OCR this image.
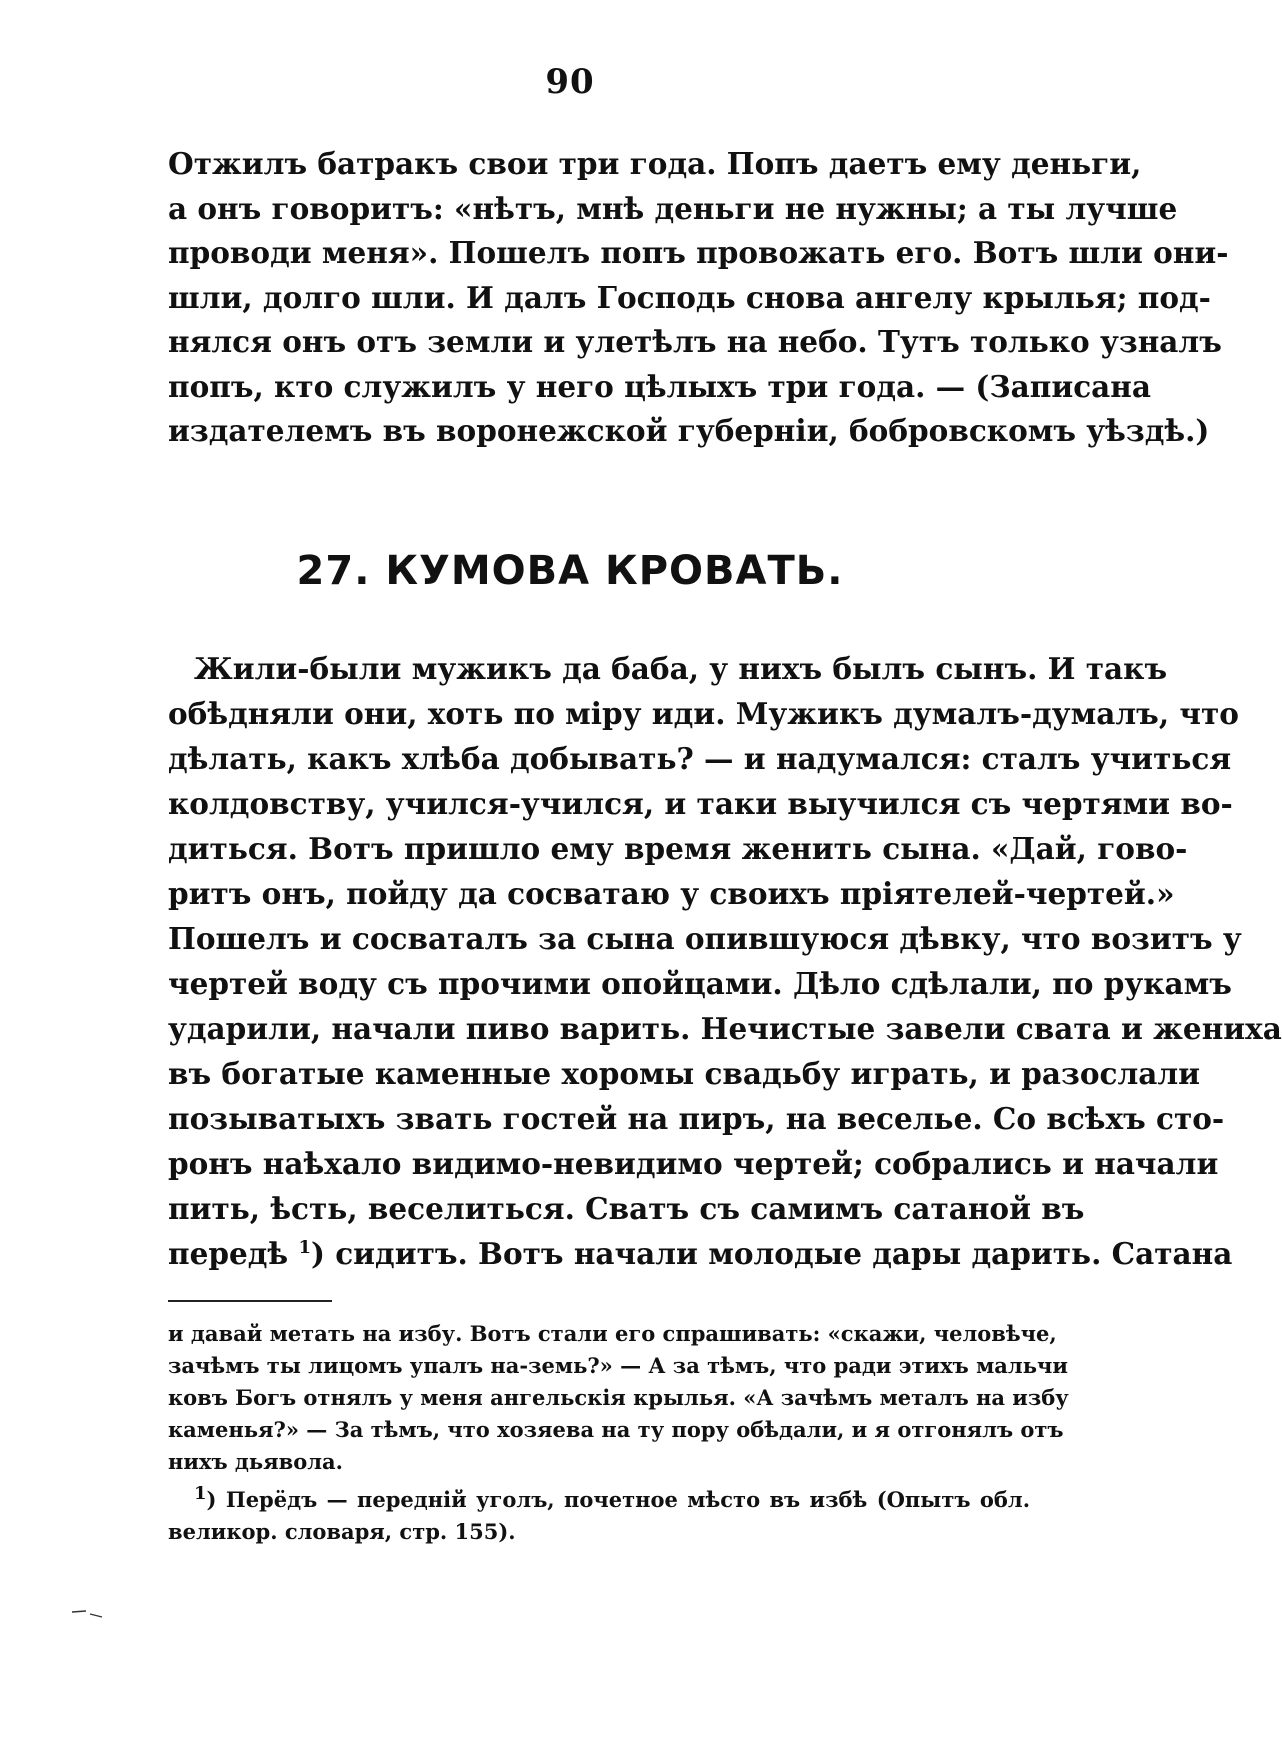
90
Отжилъ батракъ свои три года. Попъ даетъ ему деньги,
а онъ говоритъ: «нѣтъ, мнѣ деньги не нужны; а ты лучше
проводи меня». Пошелъ попъ провожать его. Вотъ шли они-
шли, долго шли. И далъ Господь снова ангелу крылья; под-
нялся онъ отъ земли и улетѣлъ на небо. Тутъ только узналъ
попъ, кто служилъ у него цѣлыхъ три года. — (Записана
издателемъ въ воронежской губерніи, бобровскомъ уѣздѣ.)
27. КУМОВА КРОВАТЬ.
Жили-были мужикъ да баба, у нихъ былъ сынъ. И такъ
обѣдняли они, хоть по міру иди. Мужикъ думалъ-думалъ, что
дѣлать, какъ хлѣба добывать? — и надумался: сталъ учиться
колдовству, учился-учился, и таки выучился съ чертями во-
диться. Вотъ пришло ему время женить сына. «Дай, гово-
ритъ онъ, пойду да сосватаю у своихъ пріятелей-чертей.»
Пошелъ и сосваталъ за сына опившуюся дѣвку, что возитъ у
чертей воду съ прочими опойцами. Дѣло сдѣлали, по рукамъ
ударили, начали пиво варить. Нечистые завели свата и жениха
въ богатые каменные хоромы свадьбу играть, и разослали
позыватыхъ звать гостей на пиръ, на веселье. Со всѣхъ сто-
ронъ наѣхало видимо-невидимо чертей; собрались и начали
пить, ѣсть, веселиться. Сватъ съ самимъ сатаной въ
передѣ $^1$) сидитъ. Вотъ начали молодые дары дарить. Сатана
и давай метать на избу. Вотъ стали его спрашивать: «скажи, человѣче,
зачѣмъ ты лицомъ упалъ на-земь?» — А за тѣмъ, что ради этихъ мальчи
ковъ Богъ отнялъ у меня ангельскія крылья. «А зачѣмъ металъ на избу
каменья?» — За тѣмъ, что хозяева на ту пору обѣдали, и я отгонялъ отъ
нихъ дьявола.
$^1$) Перёдъ — передній уголъ, почетное мѣсто въ избѣ (Опытъ обл.
великор. словаря, стр. 155).
